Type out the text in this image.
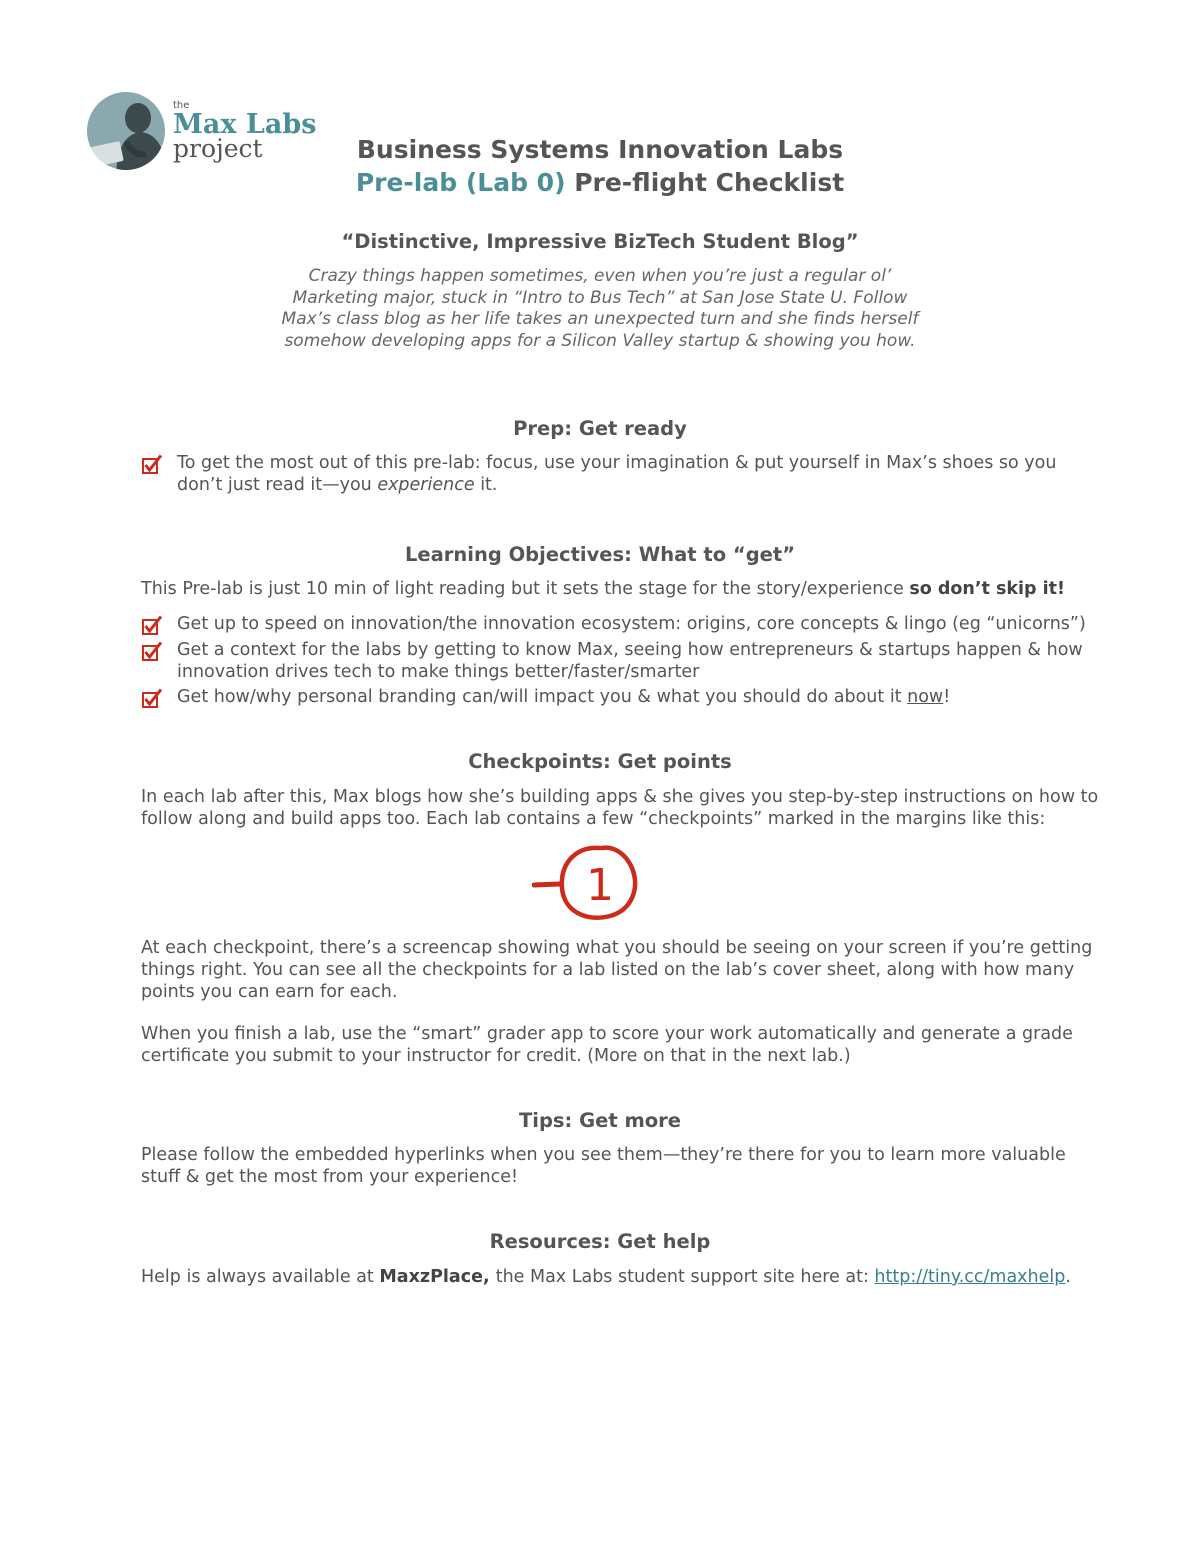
the
Max Labs
project	Business Systems Innovation Labs
Pre-lab (Lab 0) Pre-flight Checklist
“Distinctive, Impressive BizTech Student Blog”
Crazy things happen sometimes, even when you’re just a regular ol’ Marketing major, stuck in “Intro to Bus Tech” at San Jose State U. Follow Max’s class blog as her life takes an unexpected turn and she finds herself somehow developing apps for a Silicon Valley startup & showing you how.
Prep: Get ready
To get the most out of this pre-lab: focus, use your imagination & put yourself in Max’s shoes so you don’t just read it—you experience it.
Learning Objectives: What to “get”
This Pre-lab is just 10 min of light reading but it sets the stage for the story/experience so don’t skip it!
Get up to speed on innovation/the innovation ecosystem: origins, core concepts & lingo (eg “unicorns”)
Get a context for the labs by getting to know Max, seeing how entrepreneurs & startups happen & how innovation drives tech to make things better/faster/smarter
Get how/why personal branding can/will impact you & what you should do about it now!
Checkpoints: Get points
In each lab after this, Max blogs how she’s building apps & she gives you step-by-step instructions on how to follow along and build apps too. Each lab contains a few “checkpoints” marked in the margins like this:
1
At each checkpoint, there’s a screencap showing what you should be seeing on your screen if you’re getting things right. You can see all the checkpoints for a lab listed on the lab’s cover sheet, along with how many points you can earn for each.
When you finish a lab, use the “smart” grader app to score your work automatically and generate a grade certificate you submit to your instructor for credit. (More on that in the next lab.)
Tips: Get more
Please follow the embedded hyperlinks when you see them—they’re there for you to learn more valuable stuff & get the most from your experience!
Resources: Get help
Help is always available at MaxzPlace, the Max Labs student support site here at: http://tiny.cc/maxhelp.
